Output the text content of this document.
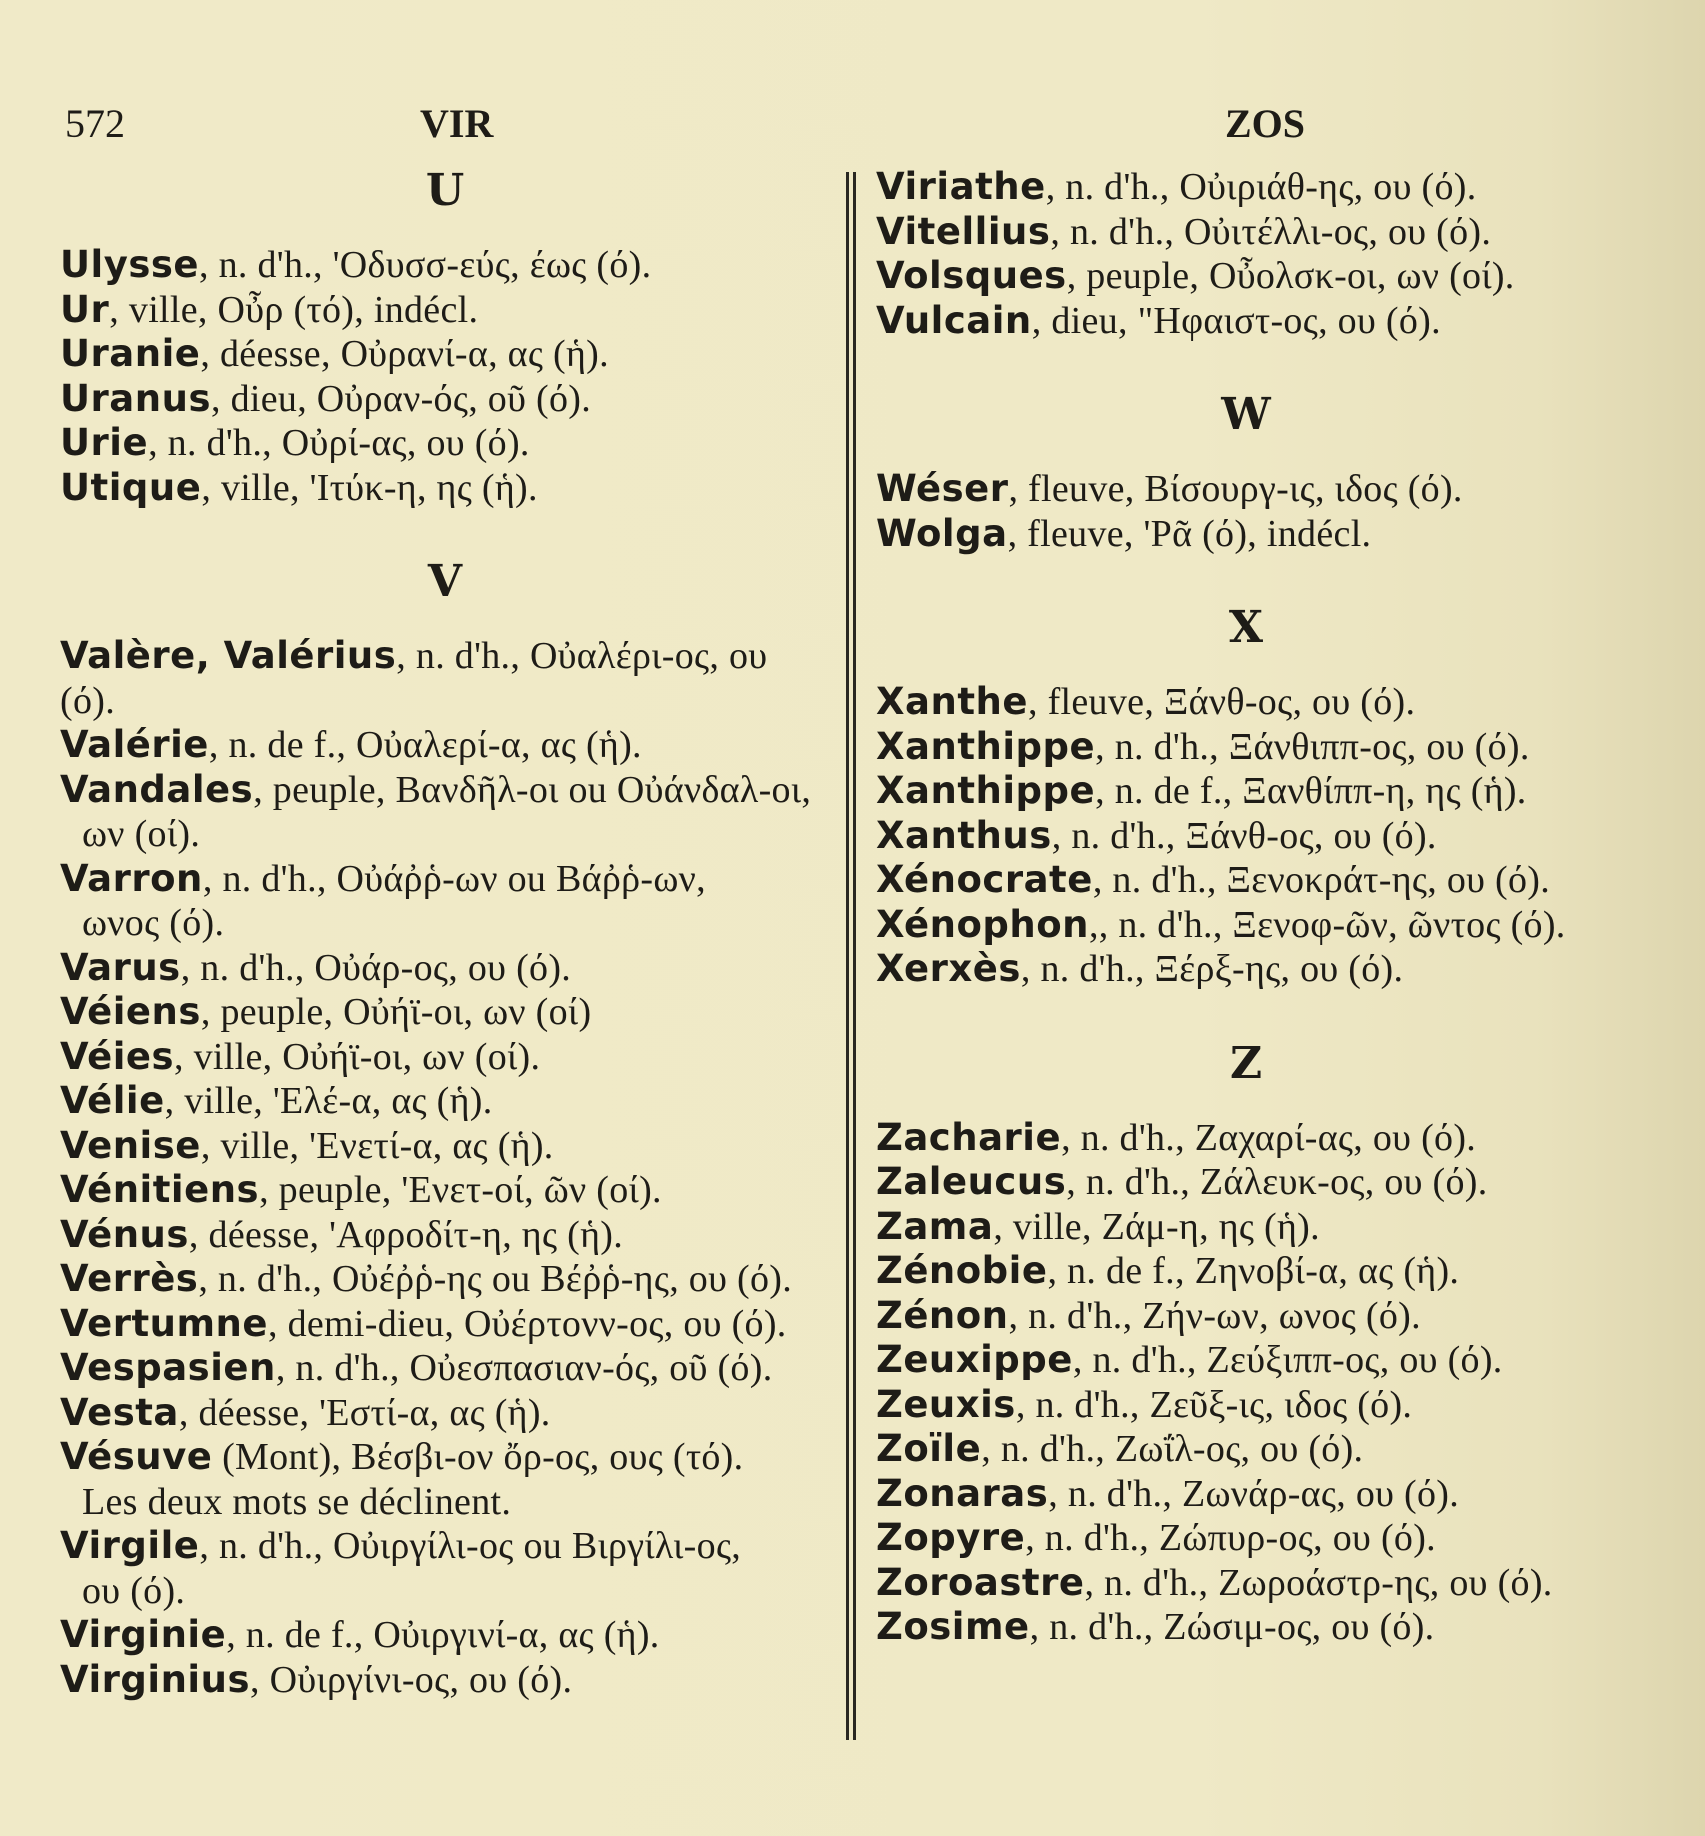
572	VIR	ZOS
U
Ulysse, n. d'h., 'Οδυσσ-εύς, έως (ό).
Ur, ville, Οὖρ (τό), indécl.
Uranie, déesse, Οὐρανί-α, ας (ἡ).
Uranus, dieu, Οὐραν-ός, οῦ (ό).
Urie, n. d'h., Οὐρί-ας, ου (ό).
Utique, ville, 'Ιτύκ-η, ης (ἡ).
V
Valère, Valérius, n. d'h., Οὐαλέρι-ος, ου (ό).
Valérie, n. de f., Οὐαλερί-α, ας (ἡ).
Vandales, peuple, Βανδῆλ-οι ou Οὐάνδαλ-οι,
ων (οί).
Varron, n. d'h., Οὐάῤῥ-ων ou Βάῤῥ-ων,
ωνος (ό).
Varus, n. d'h., Οὐάρ-ος, ου (ό).
Véiens, peuple, Οὐήϊ-οι, ων (οί)
Véies, ville, Οὐήϊ-οι, ων (οί).
Vélie, ville, 'Ελέ-α, ας (ἡ).
Venise, ville, 'Ενετί-α, ας (ἡ).
Vénitiens, peuple, 'Ενετ-οί, ῶν (οί).
Vénus, déesse, 'Αφροδίτ-η, ης (ἡ).
Verrès, n. d'h., Οὐέῤῥ-ης ou Βέῤῥ-ης, ου (ό).
Vertumne, demi-dieu, Οὐέρτονν-ος, ου (ό).
Vespasien, n. d'h., Οὐεσπασιαν-ός, οῦ (ό).
Vesta, déesse, 'Εστί-α, ας (ἡ).
Vésuve (Mont), Βέσβι-ον ὄρ-ος, ους (τό).
Les deux mots se déclinent.
Virgile, n. d'h., Οὐιργίλι-ος ou Βιργίλι-ος,
ου (ό).
Virginie, n. de f., Οὐιργινί-α, ας (ἡ).
Virginius, Οὐιργίνι-ος, ου (ό).
Viriathe, n. d'h., Οὐιριάθ-ης, ου (ό).
Vitellius, n. d'h., Οὐιτέλλι-ος, ου (ό).
Volsques, peuple, Οὖολσκ-οι, ων (οί).
Vulcain, dieu, "Ηφαιστ-ος, ου (ό).
W
Wéser, fleuve, Βίσουργ-ις, ιδος (ό).
Wolga, fleuve, 'Ρᾶ (ό), indécl.
X
Xanthe, fleuve, Ξάνθ-ος, ου (ό).
Xanthippe, n. d'h., Ξάνθιππ-ος, ου (ό).
Xanthippe, n. de f., Ξανθίππ-η, ης (ἡ).
Xanthus, n. d'h., Ξάνθ-ος, ου (ό).
Xénocrate, n. d'h., Ξενοκράτ-ης, ου (ό).
Xénophon,, n. d'h., Ξενοφ-ῶν, ῶντος (ό).
Xerxès, n. d'h., Ξέρξ-ης, ου (ό).
Z
Zacharie, n. d'h., Ζαχαρί-ας, ου (ό).
Zaleucus, n. d'h., Ζάλευκ-ος, ου (ό).
Zama, ville, Ζάμ-η, ης (ἡ).
Zénobie, n. de f., Ζηνοβί-α, ας (ἡ).
Zénon, n. d'h., Ζήν-ων, ωνος (ό).
Zeuxippe, n. d'h., Ζεύξιππ-ος, ου (ό).
Zeuxis, n. d'h., Ζεῦξ-ις, ιδος (ό).
Zoïle, n. d'h., Ζωΐλ-ος, ου (ό).
Zonaras, n. d'h., Ζωνάρ-ας, ου (ό).
Zopyre, n. d'h., Ζώπυρ-ος, ου (ό).
Zoroastre, n. d'h., Ζωροάστρ-ης, ου (ό).
Zosime, n. d'h., Ζώσιμ-ος, ου (ό).
